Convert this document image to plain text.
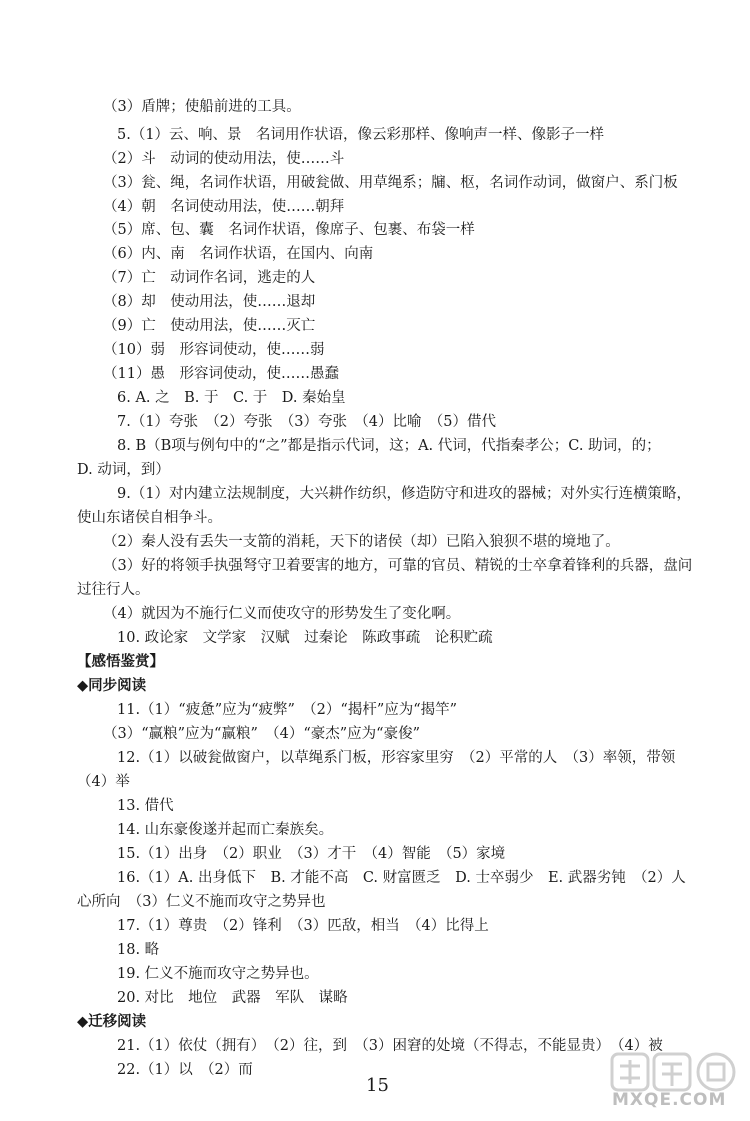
（3）盾牌；使船前进的工具。
5.（1）云、响、景　名词用作状语，像云彩那样、像响声一样、像影子一样
（2）斗　动词的使动用法，使……斗
（3）瓮、绳，名词作状语，用破瓮做、用草绳系；牖、枢，名词作动词，做窗户、系门板
（4）朝　名词使动用法，使……朝拜
（5）席、包、囊　名词作状语，像席子、包裹、布袋一样
（6）内、南　名词作状语，在国内、向南
（7）亡　动词作名词，逃走的人
（8）却　使动用法，使……退却
（9）亡　使动用法，使……灭亡
（10）弱　形容词使动，使……弱
（11）愚　形容词使动，使……愚蠢
6. A. 之　B. 于　C. 于　D. 秦始皇
7.（1）夸张　（2）夸张　（3）夸张　（4）比喻　（5）借代
8. B（B项与例句中的“之”都是指示代词，这；A. 代词，代指秦孝公；C. 助词，的；
D. 动词，到）
9.（1）对内建立法规制度，大兴耕作纺织，修造防守和进攻的器械；对外实行连横策略，
使山东诸侯自相争斗。
（2）秦人没有丢失一支箭的消耗，天下的诸侯（却）已陷入狼狈不堪的境地了。
（3）好的将领手执强弩守卫着要害的地方，可靠的官员、精锐的士卒拿着锋利的兵器，盘问
过往行人。
（4）就因为不施行仁义而使攻守的形势发生了变化啊。
10. 政论家　文学家　汉赋　过秦论　陈政事疏　论积贮疏
【感悟鉴赏】
◆同步阅读
11.（1）“疲惫”应为“疲弊”　（2）“揭杆”应为“揭竿”
（3）“赢粮”应为“赢粮”　（4）“豪杰”应为“豪俊”
12.（1）以破瓮做窗户，以草绳系门板，形容家里穷　（2）平常的人　（3）率领，带领
（4）举
13. 借代
14. 山东豪俊遂并起而亡秦族矣。
15.（1）出身　（2）职业　（3）才干　（4）智能　（5）家境
16.（1）A. 出身低下　B. 才能不高　C. 财富匮乏　D. 士卒弱少　E. 武器劣钝　（2）人
心所向　（3）仁义不施而攻守之势异也
17.（1）尊贵　（2）锋利　（3）匹敌，相当　（4）比得上
18. 略
19. 仁义不施而攻守之势异也。
20. 对比　地位　武器　军队　谋略
◆迁移阅读
21.（1）依仗（拥有）　（2）往，到　（3）困窘的处境（不得志，不能显贵）　（4）被
22.（1）以　（2）而
15
MXQE.COM
